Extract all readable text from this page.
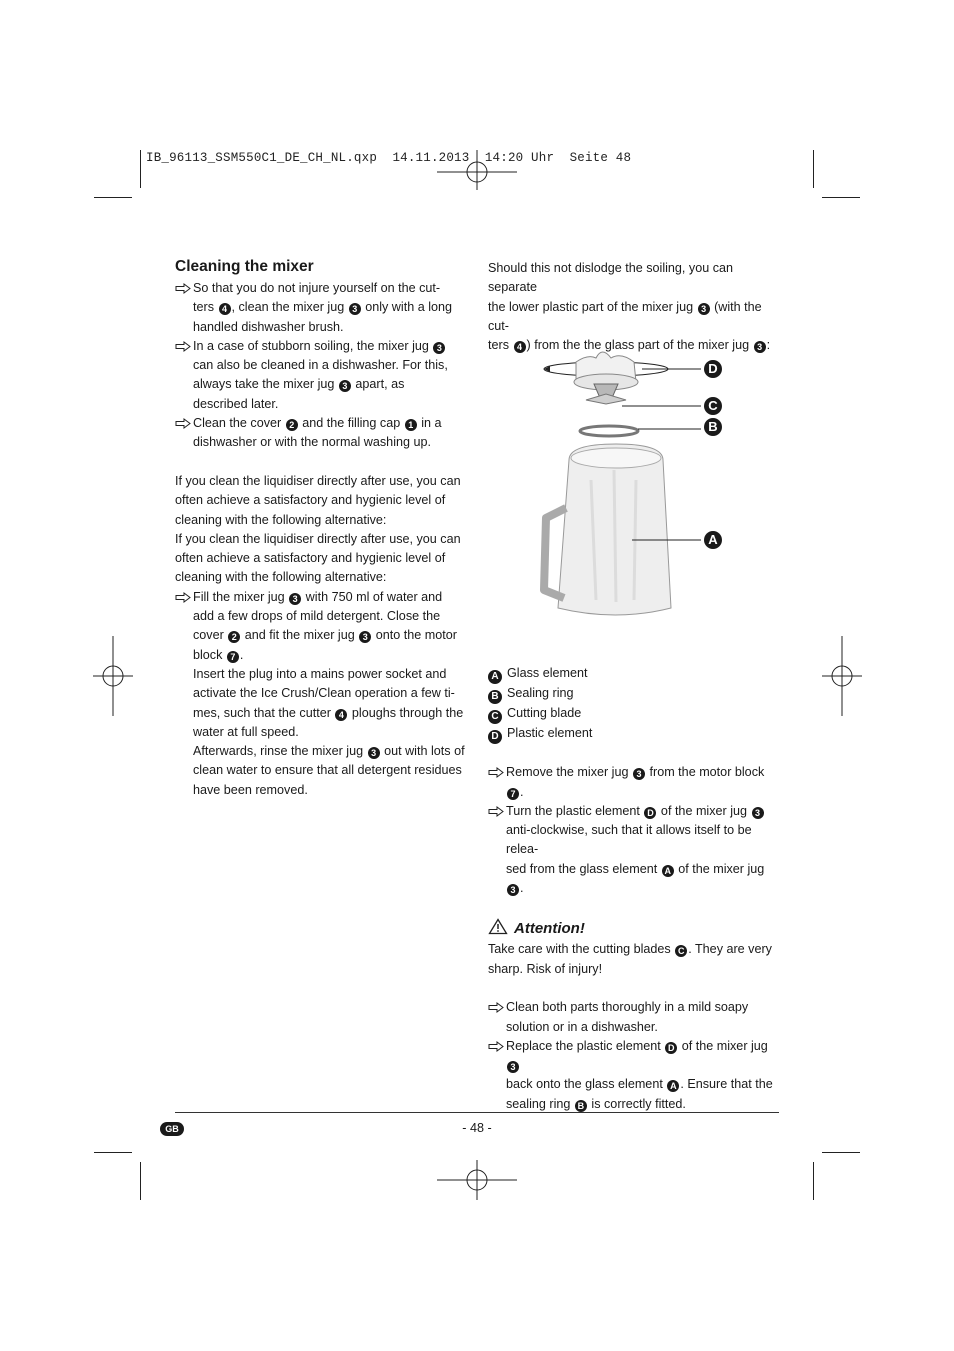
IB_96113_SSM550C1_DE_CH_NL.qxp  14.11.2013  14:20 Uhr  Seite 48
Cleaning the mixer
So that you do not injure yourself on the cut-
ters 4 , clean the mixer jug 3 only with a long
handled dishwasher brush.
In a case of stubborn soiling, the mixer jug 3
can also be cleaned in a dishwasher. For this,
always take the mixer jug 3 apart, as
described later.
Clean the cover 2 and the filling cap 1 in a
dishwasher or with the normal washing up.

If you clean the liquidiser directly after use, you can often achieve a satisfactory and hygienic level of cleaning with the following alternative:

If you clean the liquidiser directly after use, you can often achieve a satisfactory and hygienic level of cleaning with the following alternative:

Fill the mixer jug 3 with 750 ml of water and
add a few drops of mild detergent. Close the
cover 2 and fit the mixer jug 3 onto the motor
block 7 .
Insert the plug into a mains power socket and activate the Ice Crush/Clean operation a few ti-mes, such that the cutter 4 ploughs through the water at full speed.
Afterwards, rinse the mixer jug 3 out with lots of clean water to ensure that all detergent residues have been removed.

Should this not dislodge the soiling, you can separate
the lower plastic part of the mixer jug 3 (with the cut-
ters 4 ) from the the glass part of the mixer jug 3 :

D
C
B
A
A Glass element
B Sealing ring
C Cutting blade
D Plastic element
Remove the mixer jug 3 from the motor block 7 .
Turn the plastic element D of the mixer jug 3
anti-clockwise, such that it allows itself to be relea-
sed from the glass element A of the mixer jug 3 .
Attention!

Take care with the cutting blades C . They are very sharp. Risk of injury!

Clean both parts thoroughly in a mild soapy
solution or in a dishwasher.
Replace the plastic element D of the mixer jug 3
back onto the glass element A . Ensure that the
sealing ring B is correctly fitted.
GB	- 48 -
